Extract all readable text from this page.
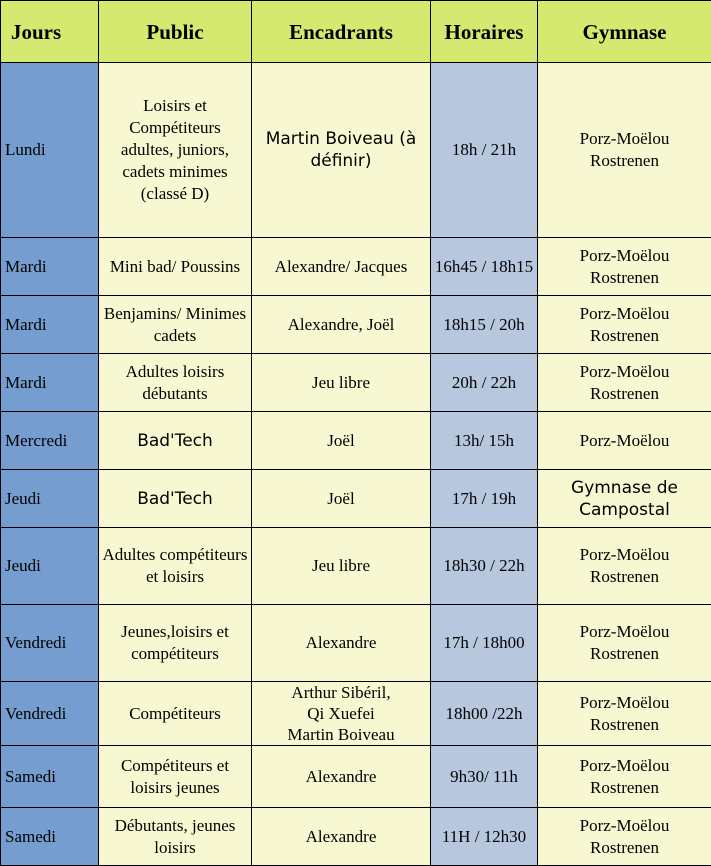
Jours	Public	Encadrants	Horaires	Gymnase
Lundi	Loisirs et Compétiteurs adultes, juniors, cadets minimes (classé D)	Martin Boiveau (à définir)	18h / 21h	Porz-Moëlou
Rostrenen
Mardi	Mini bad/ Poussins	Alexandre/ Jacques	16h45 / 18h15	Porz-Moëlou
Rostrenen
Mardi	Benjamins/ Minimes cadets	Alexandre, Joël	18h15 / 20h	Porz-Moëlou
Rostrenen
Mardi	Adultes loisirs débutants	Jeu libre	20h / 22h	Porz-Moëlou
Rostrenen
Mercredi	Bad'Tech	Joël	13h/ 15h	Porz-Moëlou
Jeudi	Bad'Tech	Joël	17h / 19h	Gymnase de
Campostal
Jeudi	Adultes compétiteurs et loisirs	Jeu libre	18h30 / 22h	Porz-Moëlou
Rostrenen
Vendredi	Jeunes,loisirs et compétiteurs	Alexandre	17h / 18h00	Porz-Moëlou
Rostrenen
Vendredi	Compétiteurs	Arthur Sibéril,
Qi Xuefei
Martin Boiveau	18h00 /22h	Porz-Moëlou
Rostrenen
Samedi	Compétiteurs et loisirs jeunes	Alexandre	9h30/ 11h	Porz-Moëlou
Rostrenen
Samedi	Débutants, jeunes loisirs	Alexandre	11H / 12h30	Porz-Moëlou
Rostrenen
